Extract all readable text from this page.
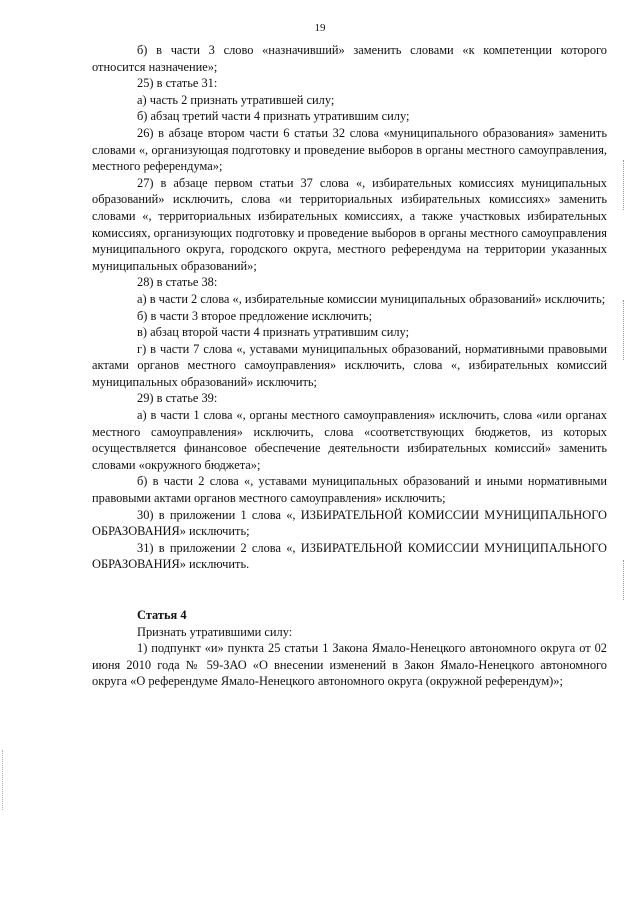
19

б) в части 3 слово «назначивший» заменить словами «к компетенции которого относится назначение»;

25) в статье 31:

а) часть 2 признать утратившей силу;

б) абзац третий части 4 признать утратившим силу;

26) в абзаце втором части 6 статьи 32 слова «муниципального образования» заменить словами «, организующая подготовку и проведение выборов в органы местного самоуправления, местного референдума»;

27) в абзаце первом статьи 37 слова «, избирательных комиссиях муниципальных образований» исключить, слова «и территориальных избирательных комиссиях» заменить словами «, территориальных избирательных комиссиях, а также участковых избирательных комиссиях, организующих подготовку и проведение выборов в органы местного самоуправления муниципального округа, городского округа, местного референдума на территории указанных муниципальных образований»;

28) в статье 38:

а) в части 2 слова «, избирательные комиссии муниципальных образований» исключить;

б) в части 3 второе предложение исключить;

в) абзац второй части 4 признать утратившим силу;

г) в части 7 слова «, уставами муниципальных образований, нормативными правовыми актами органов местного самоуправления» исключить, слова «, избирательных комиссий муниципальных образований» исключить;

29) в статье 39:

а) в части 1 слова «, органы местного самоуправления» исключить, слова «или органах местного самоуправления» исключить, слова «соответствующих бюджетов, из которых осуществляется финансовое обеспечение деятельности избирательных комиссий» заменить словами «окружного бюджета»;

б) в части 2 слова «, уставами муниципальных образований и иными нормативными правовыми актами органов местного самоуправления» исключить;

30) в приложении 1 слова «, ИЗБИРАТЕЛЬНОЙ КОМИССИИ МУНИЦИПАЛЬНОГО ОБРАЗОВАНИЯ» исключить;

31) в приложении 2 слова «, ИЗБИРАТЕЛЬНОЙ КОМИССИИ МУНИЦИПАЛЬНОГО ОБРАЗОВАНИЯ» исключить.

Статья 4

Признать утратившими силу:

1) подпункт «и» пункта 25 статьи 1 Закона Ямало-Ненецкого автономного округа от 02 июня 2010 года № 59-ЗАО «О внесении изменений в Закон Ямало-Ненецкого автономного округа «О референдуме Ямало-Ненецкого автономного округа (окружной референдум)»;
